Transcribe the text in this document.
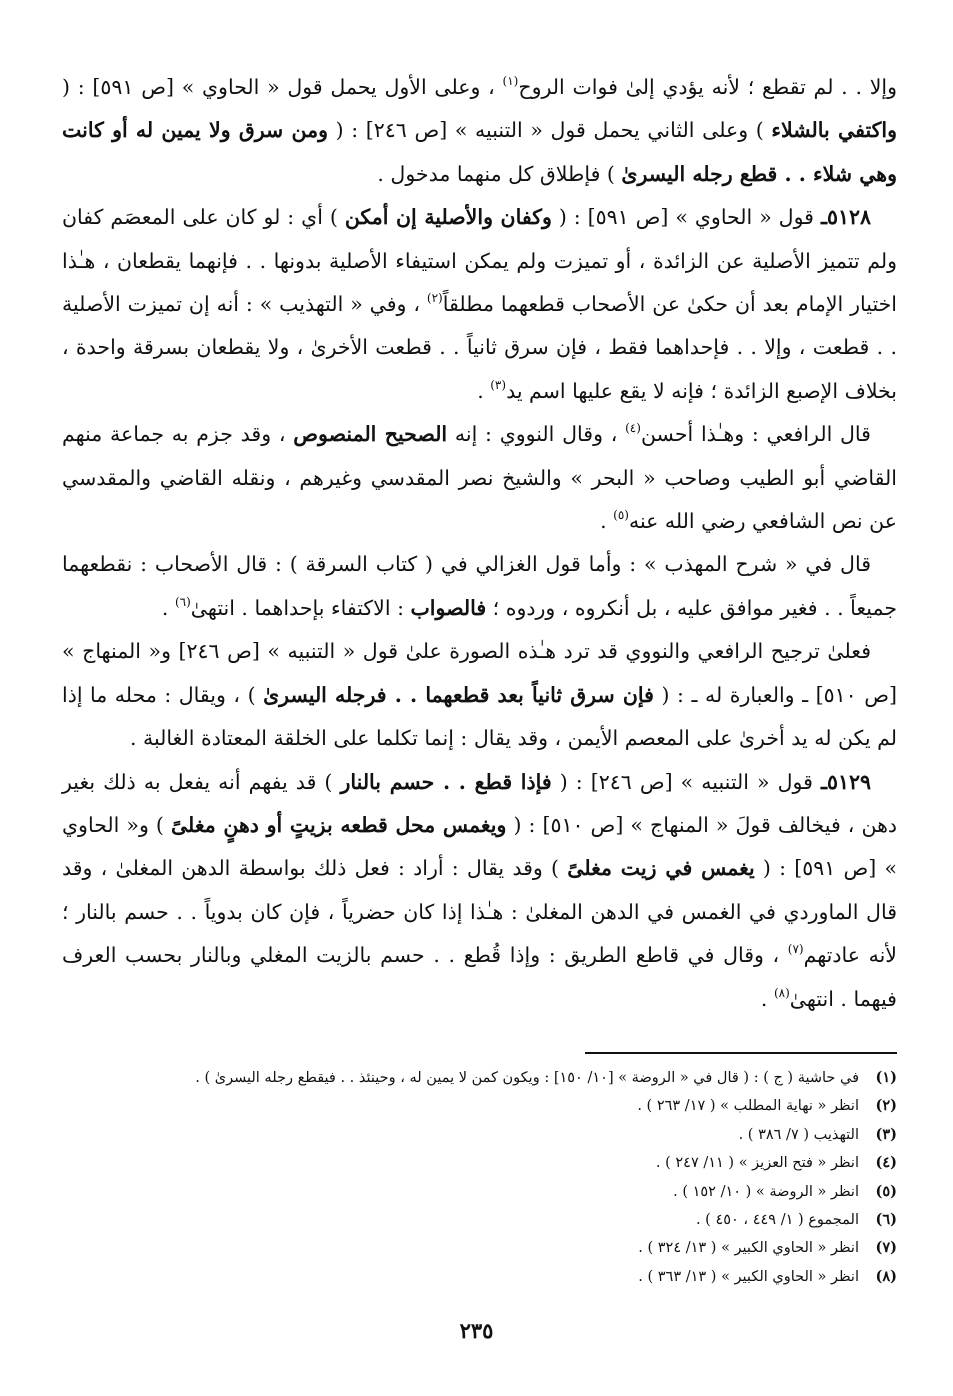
وإلا . . لم تقطع ؛ لأنه يؤدي إلىٰ فوات الروح$^{(١)}$ ، وعلى الأول يحمل قول « الحاوي » [ص ٥٩١] : ( واكتفي بالشلاء ) وعلى الثاني يحمل قول « التنبيه » [ص ٢٤٦] : ( ومن سرق ولا يمين له أو كانت وهي شلاء . . قطع رجله اليسرىٰ ) فإطلاق كل منهما مدخول .

٥١٢٨ـ قول « الحاوي » [ص ٥٩١] : ( وكفان والأصلية إن أمكن ) أي : لو كان على المعصَم كفان ولم تتميز الأصلية عن الزائدة ، أو تميزت ولم يمكن استيفاء الأصلية بدونها . . فإنهما يقطعان ، هـٰذا اختيار الإمام بعد أن حكىٰ عن الأصحاب قطعهما مطلقاً$^{(٢)}$ ، وفي « التهذيب » : أنه إن تميزت الأصلية . . قطعت ، وإلا . . فإحداهما فقط ، فإن سرق ثانياً . . قطعت الأخرىٰ ، ولا يقطعان بسرقة واحدة ، بخلاف الإصبع الزائدة ؛ فإنه لا يقع عليها اسم يد$^{(٣)}$ .

قال الرافعي : وهـٰذا أحسن$^{(٤)}$ ، وقال النووي : إنه الصحيح المنصوص ، وقد جزم به جماعة منهم القاضي أبو الطيب وصاحب « البحر » والشيخ نصر المقدسي وغيرهم ، ونقله القاضي والمقدسي عن نص الشافعي رضي الله عنه$^{(٥)}$ .

قال في « شرح المهذب » : وأما قول الغزالي في ( كتاب السرقة ) : قال الأصحاب : نقطعهما جميعاً . . فغير موافق عليه ، بل أنكروه ، وردوه ؛ فالصواب : الاكتفاء بإحداهما . انتهىٰ$^{(٦)}$ .

فعلىٰ ترجيح الرافعي والنووي قد ترد هـٰذه الصورة علىٰ قول « التنبيه » [ص ٢٤٦] و« المنهاج » [ص ٥١٠] ـ والعبارة له ـ : ( فإن سرق ثانياً بعد قطعهما . . فرجله اليسرىٰ ) ، ويقال : محله ما إذا لم يكن له يد أخرىٰ على المعصم الأيمن ، وقد يقال : إنما تكلما على الخلقة المعتادة الغالبة .

٥١٢٩ـ قول « التنبيه » [ص ٢٤٦] : ( فإذا قطع . . حسم بالنار ) قد يفهم أنه يفعل به ذلك بغير دهن ، فيخالف قولَ « المنهاج » [ص ٥١٠] : ( ويغمس محل قطعه بزيتٍ أو دهنٍ مغلىً ) و« الحاوي » [ص ٥٩١] : ( يغمس في زيت مغلىً ) وقد يقال : أراد : فعل ذلك بواسطة الدهن المغلىٰ ، وقد قال الماوردي في الغمس في الدهن المغلىٰ : هـٰذا إذا كان حضرياً ، فإن كان بدوياً . . حسم بالنار ؛ لأنه عادتهم$^{(٧)}$ ، وقال في قاطع الطريق : وإذا قُطع . . حسم بالزيت المغلي وبالنار بحسب العرف فيهما . انتهىٰ$^{(٨)}$ .

(١)
في حاشية ( ج ) : ( قال في « الروضة » [١٠/ ١٥٠] : ويكون كمن لا يمين له ، وحينئذ . . فيقطع رجله اليسرىٰ ) .
(٢)
انظر « نهاية المطلب » ( ١٧/ ٢٦٣ ) .
(٣)
التهذيب ( ٧/ ٣٨٦ ) .
(٤)
انظر « فتح العزيز » ( ١١/ ٢٤٧ ) .
(٥)
انظر « الروضة » ( ١٠/ ١٥٢ ) .
(٦)
المجموع ( ١/ ٤٤٩ ، ٤٥٠ ) .
(٧)
انظر « الحاوي الكبير » ( ١٣/ ٣٢٤ ) .
(٨)
انظر « الحاوي الكبير » ( ١٣/ ٣٦٣ ) .
٢٣٥
